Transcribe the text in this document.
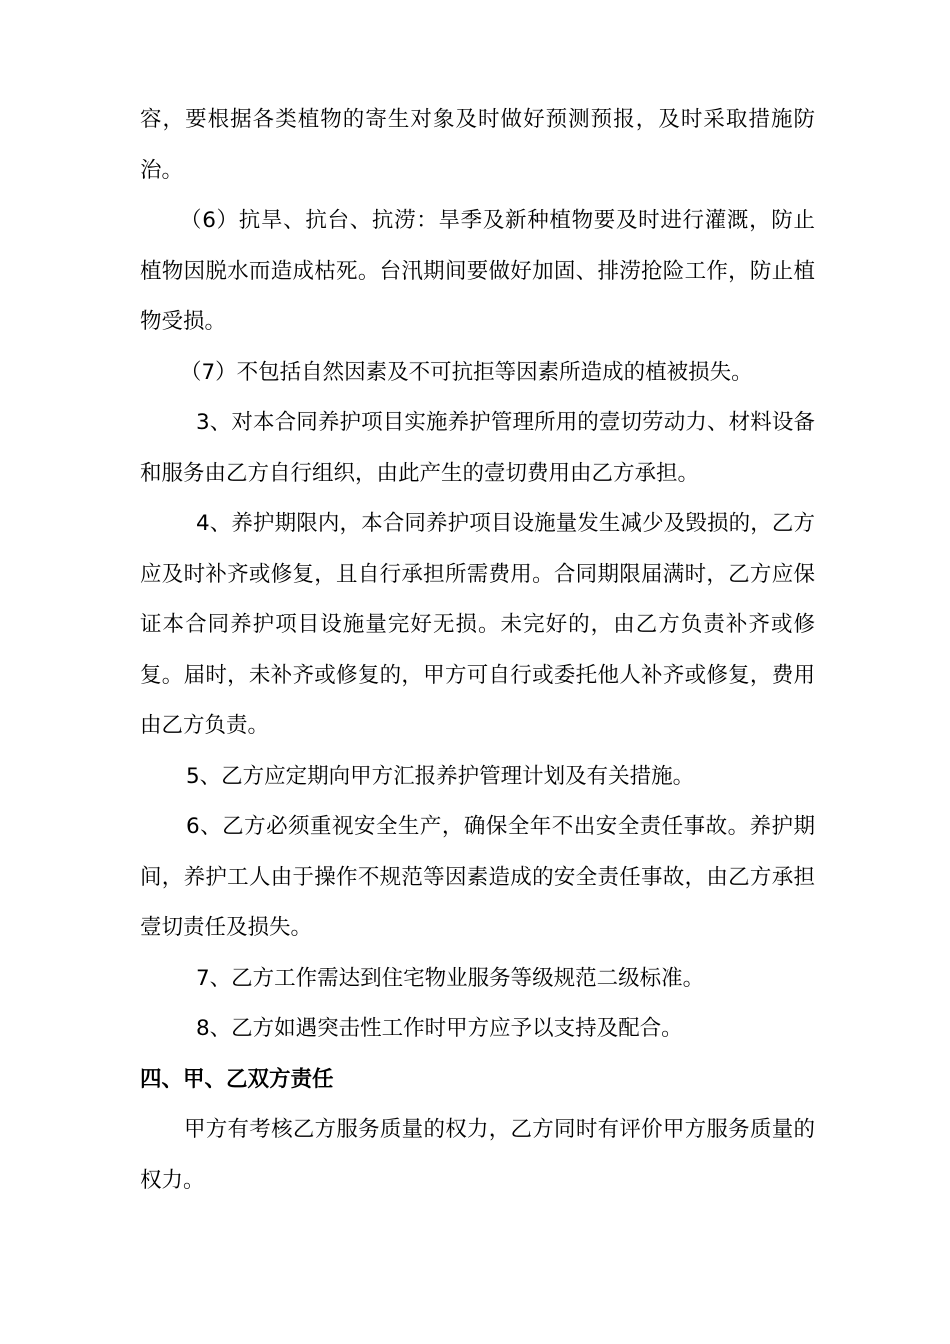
容，要根据各类植物的寄生对象及时做好预测预报，及时采取措施防治。

（6）抗旱、抗台、抗涝：旱季及新种植物要及时进行灌溉，防止植物因脱水而造成枯死。台汛期间要做好加固、排涝抢险工作，防止植物受损。

（7）不包括自然因素及不可抗拒等因素所造成的植被损失。

3、对本合同养护项目实施养护管理所用的壹切劳动力、材料设备和服务由乙方自行组织，由此产生的壹切费用由乙方承担。

4、养护期限内，本合同养护项目设施量发生减少及毁损的，乙方应及时补齐或修复，且自行承担所需费用。合同期限届满时，乙方应保证本合同养护项目设施量完好无损。未完好的，由乙方负责补齐或修复。届时，未补齐或修复的，甲方可自行或委托他人补齐或修复，费用由乙方负责。

5、乙方应定期向甲方汇报养护管理计划及有关措施。

6、乙方必须重视安全生产，确保全年不出安全责任事故。养护期间，养护工人由于操作不规范等因素造成的安全责任事故，由乙方承担壹切责任及损失。

7、乙方工作需达到住宅物业服务等级规范二级标准。

8、乙方如遇突击性工作时甲方应予以支持及配合。

四、甲、乙双方责任

甲方有考核乙方服务质量的权力，乙方同时有评价甲方服务质量的权力。
